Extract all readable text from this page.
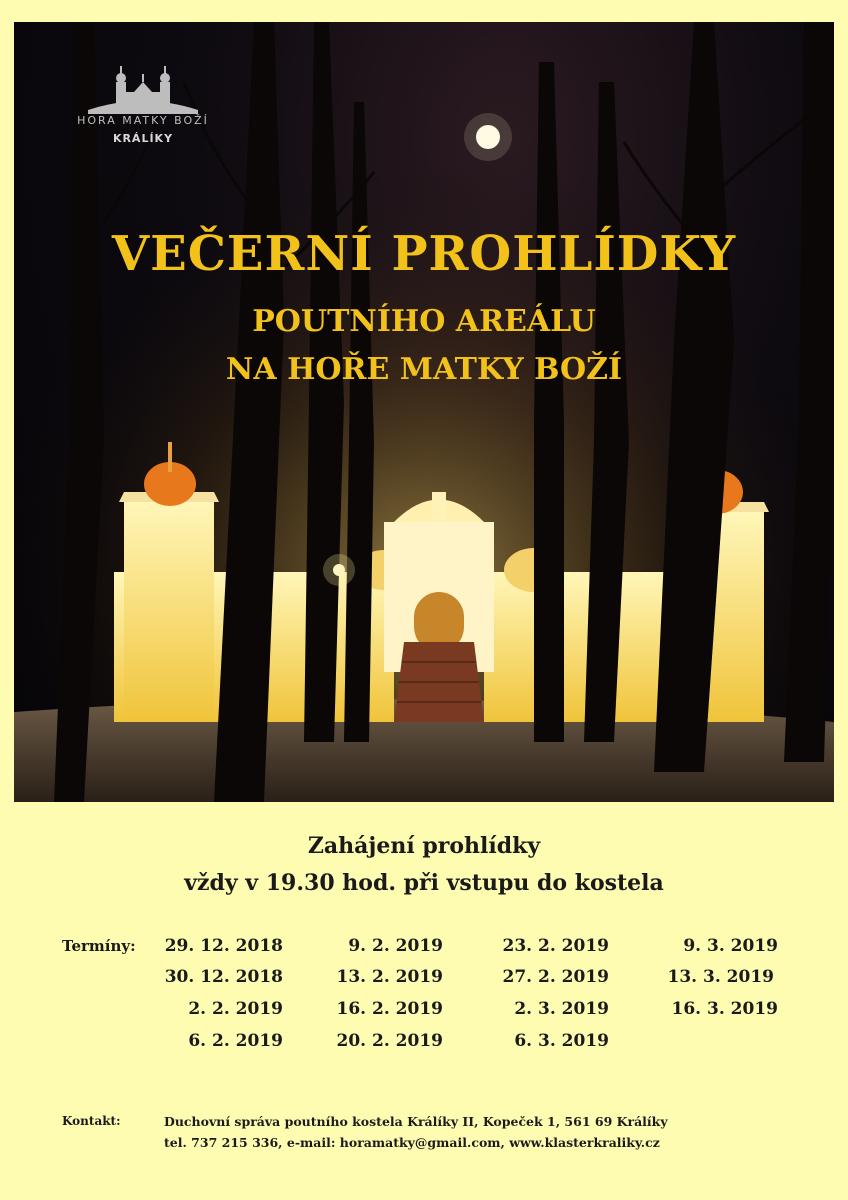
HORA MATKY BOŽÍ
KRÁLÍKY
VEČERNÍ PROHLÍDKY
POUTNÍHO AREÁLU
NA HOŘE MATKY BOŽÍ
Zahájení prohlídky
vždy v 19.30 hod. při vstupu do kostela
Termíny: 29. 12. 2018
30. 12. 2018
2. 2. 2019
6. 2. 2019
9. 2. 2019
13. 2. 2019
16. 2. 2019
20. 2. 2019
23. 2. 2019
27. 2. 2019
2. 3. 2019
6. 3. 2019
9. 3. 2019
13. 3. 2019
16. 3. 2019
Kontakt:	Duchovní správa poutního kostela Králíky II, Kopeček 1, 561 69 Králíky
tel. 737 215 336, e-mail: horamatky@gmail.com, www.klasterkraliky.cz
